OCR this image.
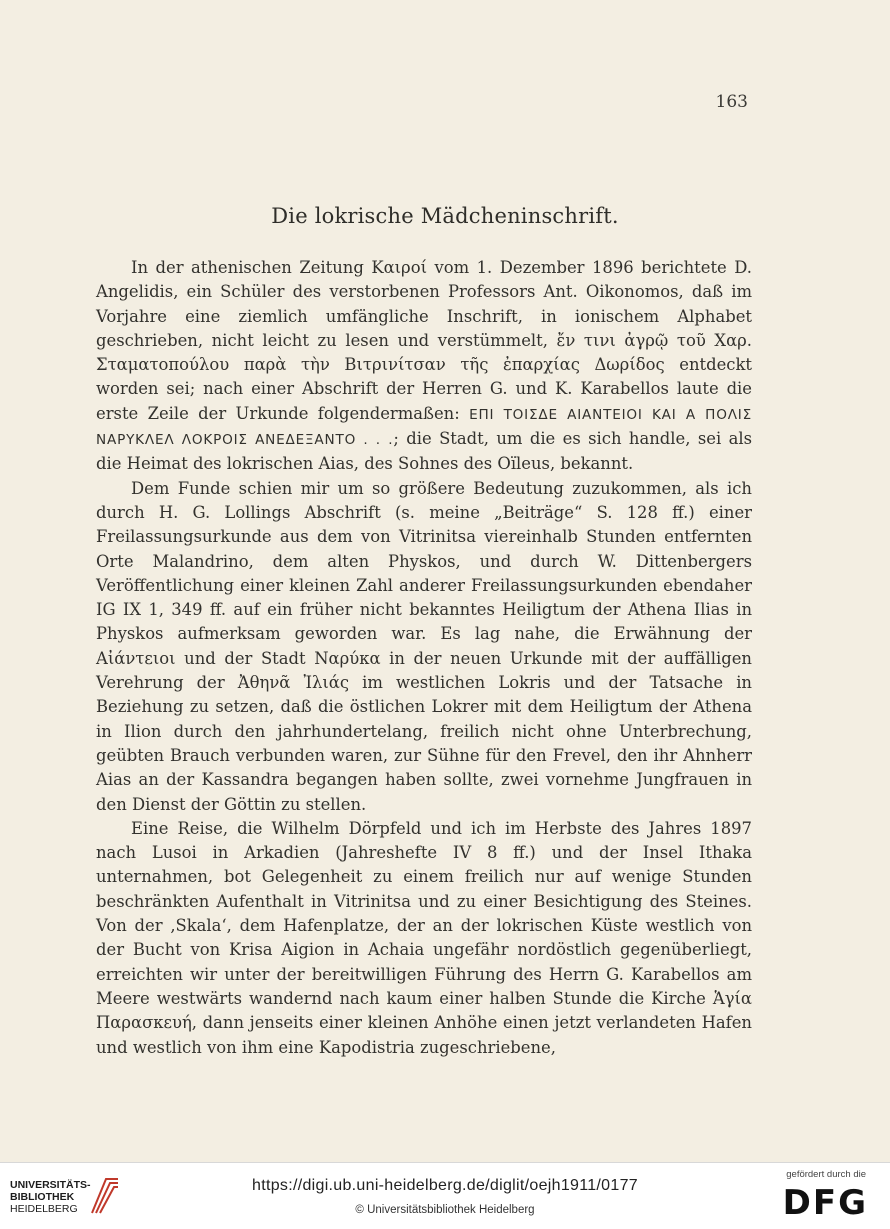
163
Die lokrische Mädcheninschrift.

In der athenischen Zeitung Καιροί vom 1. Dezember 1896 berichtete D. Angelidis, ein Schüler des verstorbenen Professors Ant. Oikonomos, daß im Vorjahre eine ziemlich umfängliche Inschrift, in ionischem Alphabet geschrieben, nicht leicht zu lesen und verstümmelt, ἔν τινι ἀγρῷ τοῦ Χαρ. Σταματοπούλου παρὰ τὴν Βιτρινίτσαν τῆς ἐπαρχίας Δωρίδος entdeckt worden sei; nach einer Abschrift der Herren G. und K. Karabellos laute die erste Zeile der Urkunde folgendermaßen: ΕΠΙ ΤΟΙΣΔΕ ΑΙΑΝΤΕΙΟΙ ΚΑΙ Α ΠΟΛΙΣ ΝΑΡΥΚΛΕΛ ΛΟΚΡΟΙΣ ΑΝΕΔΕΞΑΝΤΟ . . .; die Stadt, um die es sich handle, sei als die Heimat des lokrischen Aias, des Sohnes des Oïleus, bekannt.

Dem Funde schien mir um so größere Bedeutung zuzukommen, als ich durch H. G. Lollings Abschrift (s. meine „Beiträge“ S. 128 ff.) einer Freilassungsurkunde aus dem von Vitrinitsa viereinhalb Stunden entfernten Orte Malandrino, dem alten Physkos, und durch W. Dittenbergers Veröffentlichung einer kleinen Zahl anderer Freilassungsurkunden ebendaher IG IX 1, 349 ff. auf ein früher nicht bekanntes Heiligtum der Athena Ilias in Physkos aufmerksam geworden war. Es lag nahe, die Erwähnung der Αἰάντειοι und der Stadt Ναρύκα in der neuen Urkunde mit der auffälligen Verehrung der Ἀθηνᾶ Ἰλιάς im westlichen Lokris und der Tatsache in Beziehung zu setzen, daß die östlichen Lokrer mit dem Heiligtum der Athena in Ilion durch den jahrhundertelang, freilich nicht ohne Unterbrechung, geübten Brauch verbunden waren, zur Sühne für den Frevel, den ihr Ahnherr Aias an der Kassandra begangen haben sollte, zwei vornehme Jungfrauen in den Dienst der Göttin zu stellen.

Eine Reise, die Wilhelm Dörpfeld und ich im Herbste des Jahres 1897 nach Lusoi in Arkadien (Jahreshefte IV 8 ff.) und der Insel Ithaka unternahmen, bot Gelegenheit zu einem freilich nur auf wenige Stunden beschränkten Aufenthalt in Vitrinitsa und zu einer Besichtigung des Steines. Von der ‚Skala‘, dem Hafenplatze, der an der lokrischen Küste westlich von der Bucht von Krisa Aigion in Achaia ungefähr nordöstlich gegenüberliegt, erreichten wir unter der bereitwilligen Führung des Herrn G. Karabellos am Meere westwärts wandernd nach kaum einer halben Stunde die Kirche Ἁγία Παρασκευή, dann jenseits einer kleinen Anhöhe einen jetzt verlandeten Hafen und westlich von ihm eine Kapodistria zugeschriebene,

UNIVERSITÄTS-
BIBLIOTHEK
HEIDELBERG
https://digi.ub.uni-heidelberg.de/diglit/oejh1911/0177
© Universitätsbibliothek Heidelberg
gefördert durch die
DFG
